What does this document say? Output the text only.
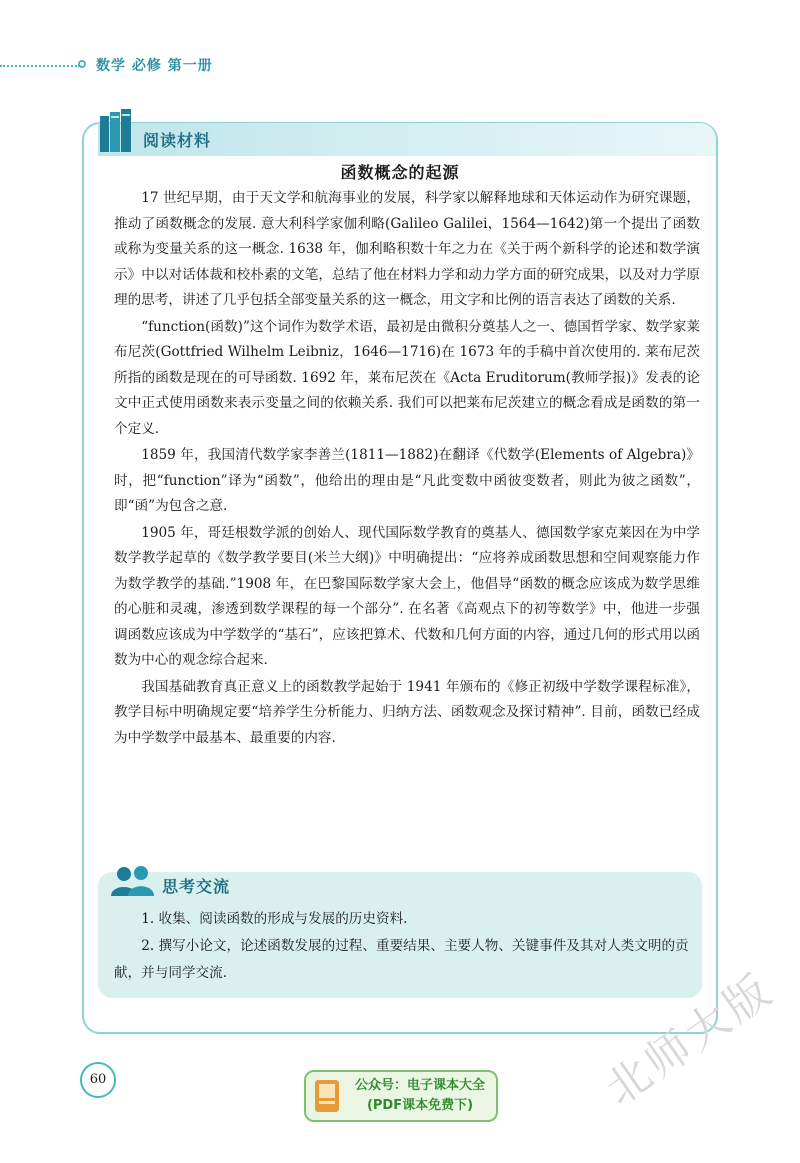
数学 必修 第一册
阅读材料
函数概念的起源

17 世纪早期，由于天文学和航海事业的发展，科学家以解释地球和天体运动作为研究课题，推动了函数概念的发展. 意大利科学家伽利略(Galileo Galilei，1564—1642)第一个提出了函数或称为变量关系的这一概念. 1638 年，伽利略积数十年之力在《关于两个新科学的论述和数学演示》中以对话体裁和校朴素的文笔，总结了他在材料力学和动力学方面的研究成果，以及对力学原理的思考，讲述了几乎包括全部变量关系的这一概念，用文字和比例的语言表达了函数的关系.

“function(函数)”这个词作为数学术语，最初是由微积分奠基人之一、德国哲学家、数学家莱布尼茨(Gottfried Wilhelm Leibniz，1646—1716)在 1673 年的手稿中首次使用的. 莱布尼茨所指的函数是现在的可导函数. 1692 年，莱布尼茨在《Acta Eruditorum(教师学报)》发表的论文中正式使用函数来表示变量之间的依赖关系. 我们可以把莱布尼茨建立的概念看成是函数的第一个定义.

1859 年，我国清代数学家李善兰(1811—1882)在翻译《代数学(Elements of Algebra)》时，把“function”译为“函数”，他给出的理由是“凡此变数中函彼变数者，则此为彼之函数”，即“函”为包含之意.

1905 年，哥廷根数学派的创始人、现代国际数学教育的奠基人、德国数学家克莱因在为中学数学教学起草的《数学教学要目(米兰大纲)》中明确提出：“应将养成函数思想和空间观察能力作为数学教学的基础.”1908 年，在巴黎国际数学家大会上，他倡导“函数的概念应该成为数学思维的心脏和灵魂，渗透到数学课程的每一个部分”. 在名著《高观点下的初等数学》中，他进一步强调函数应该成为中学数学的“基石”，应该把算术、代数和几何方面的内容，通过几何的形式用以函数为中心的观念综合起来.

我国基础教育真正意义上的函数教学起始于 1941 年颁布的《修正初级中学数学课程标准》，教学目标中明确规定要“培养学生分析能力、归纳方法、函数观念及探讨精神”. 目前，函数已经成为中学数学中最基本、最重要的内容.

思考交流
1. 收集、阅读函数的形成与发展的历史资料.
2. 撰写小论文，论述函数发展的过程、重要结果、主要人物、关键事件及其对人类文明的贡献，并与同学交流.
60	公众号：电子课本大全
(PDF课本免费下)	北师大版
